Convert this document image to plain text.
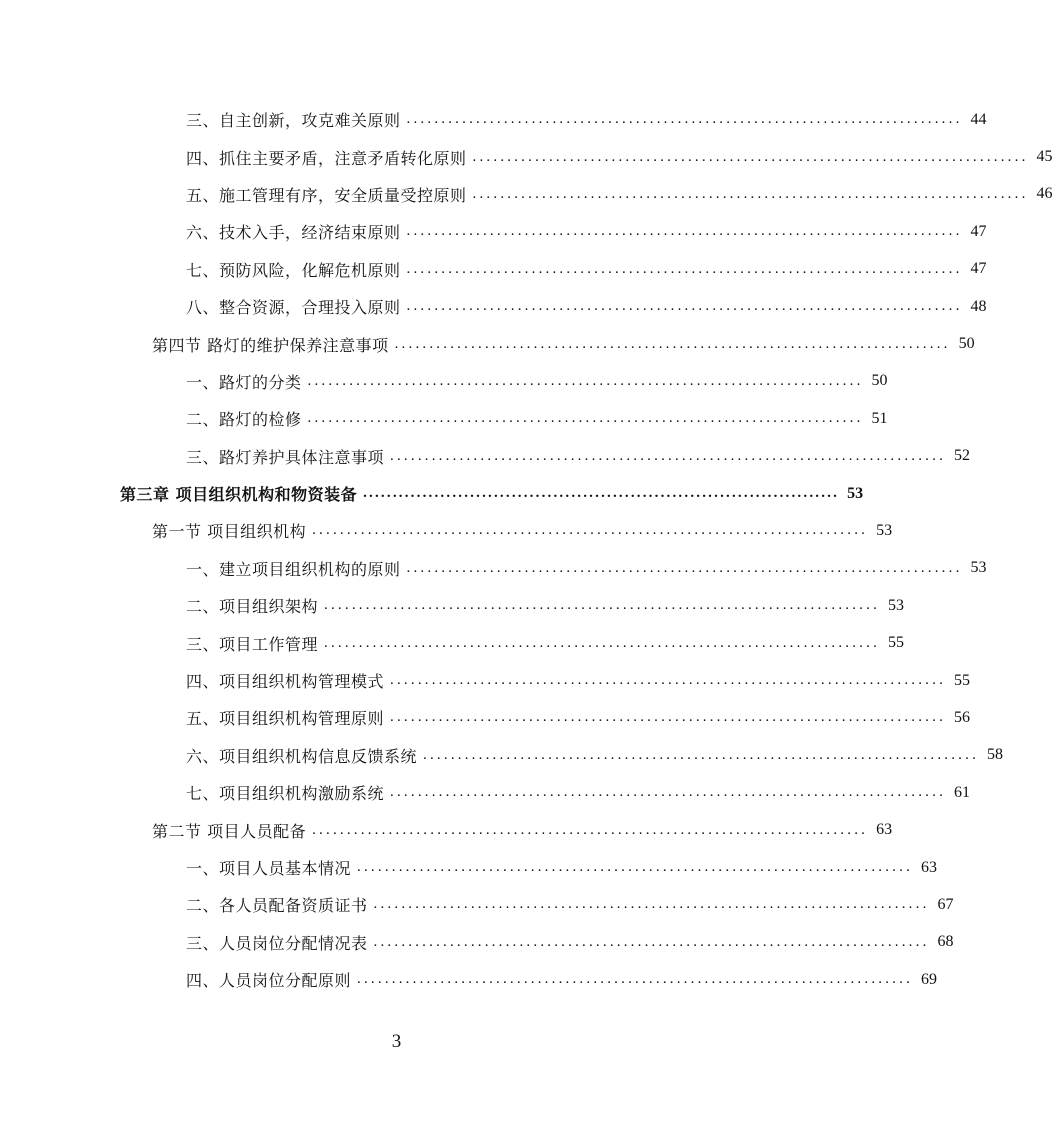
三、自主创新，攻克难关原则 ................................................................................ 44
四、抓住主要矛盾，注意矛盾转化原则 ................................................................................ 45
五、施工管理有序，安全质量受控原则 ................................................................................ 46
六、技术入手，经济结束原则 ................................................................................ 47
七、预防风险，化解危机原则 ................................................................................ 47
八、整合资源，合理投入原则 ................................................................................ 48
第四节 路灯的维护保养注意事项 ................................................................................ 50
一、路灯的分类 ................................................................................ 50
二、路灯的检修 ................................................................................ 51
三、路灯养护具体注意事项 ................................................................................ 52
第三章 项目组织机构和物资装备 ................................................................................ 53
第一节 项目组织机构 ................................................................................ 53
一、建立项目组织机构的原则 ................................................................................ 53
二、项目组织架构 ................................................................................ 53
三、项目工作管理 ................................................................................ 55
四、项目组织机构管理模式 ................................................................................ 55
五、项目组织机构管理原则 ................................................................................ 56
六、项目组织机构信息反馈系统 ................................................................................ 58
七、项目组织机构激励系统 ................................................................................ 61
第二节 项目人员配备 ................................................................................ 63
一、项目人员基本情况 ................................................................................ 63
二、各人员配备资质证书 ................................................................................ 67
三、人员岗位分配情况表 ................................................................................ 68
四、人员岗位分配原则 ................................................................................ 69
3
